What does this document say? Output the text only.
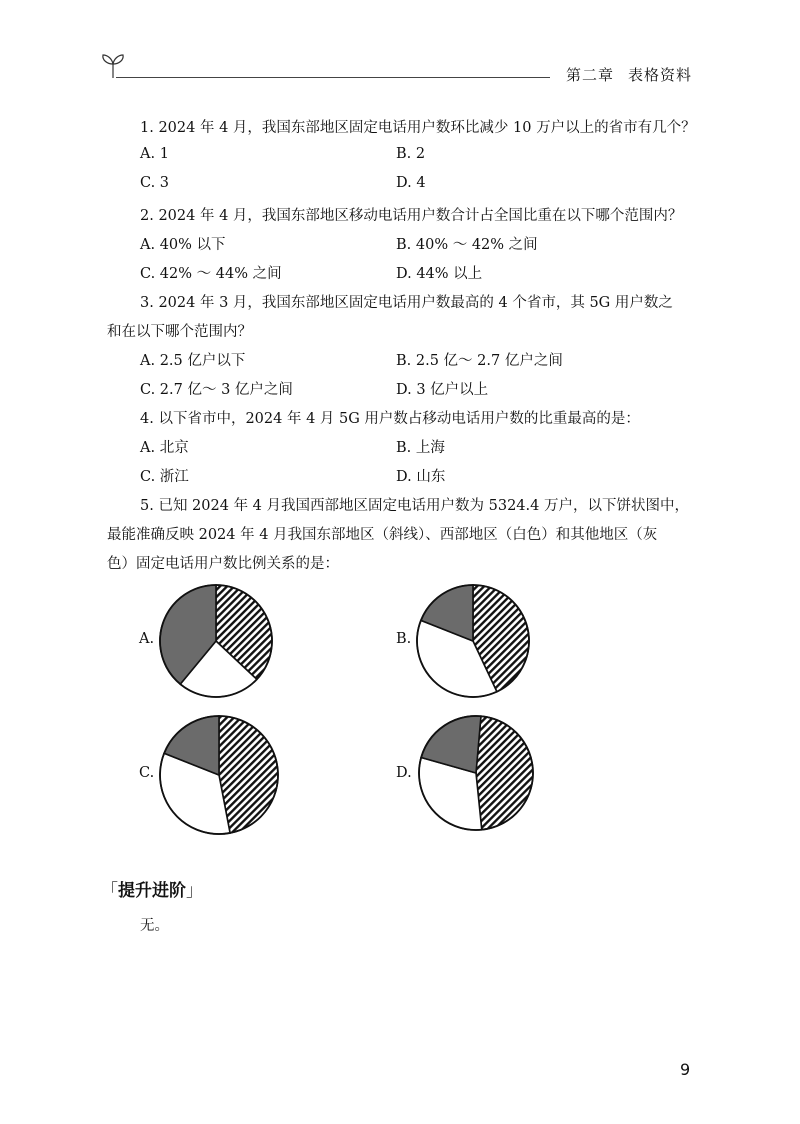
第二章 表格资料
1. 2024 年 4 月，我国东部地区固定电话用户数环比减少 10 万户以上的省市有几个？
A. 1	B. 2
C. 3	D. 4
2. 2024 年 4 月，我国东部地区移动电话用户数合计占全国比重在以下哪个范围内？
A. 40% 以下	B. 40% ～ 42% 之间
C. 42% ～ 44% 之间	D. 44% 以上
3. 2024 年 3 月，我国东部地区固定电话用户数最高的 4 个省市，其 5G 用户数之
和在以下哪个范围内？
A. 2.5 亿户以下	B. 2.5 亿～ 2.7 亿户之间
C. 2.7 亿～ 3 亿户之间	D. 3 亿户以上
4. 以下省市中，2024 年 4 月 5G 用户数占移动电话用户数的比重最高的是：
A. 北京	B. 上海
C. 浙江	D. 山东
5. 已知 2024 年 4 月我国西部地区固定电话用户数为 5324.4 万户，以下饼状图中，
最能准确反映 2024 年 4 月我国东部地区（斜线）、西部地区（白色）和其他地区（灰
色）固定电话用户数比例关系的是：
A.	B.
C.	D.
「提升进阶」
无。
9
